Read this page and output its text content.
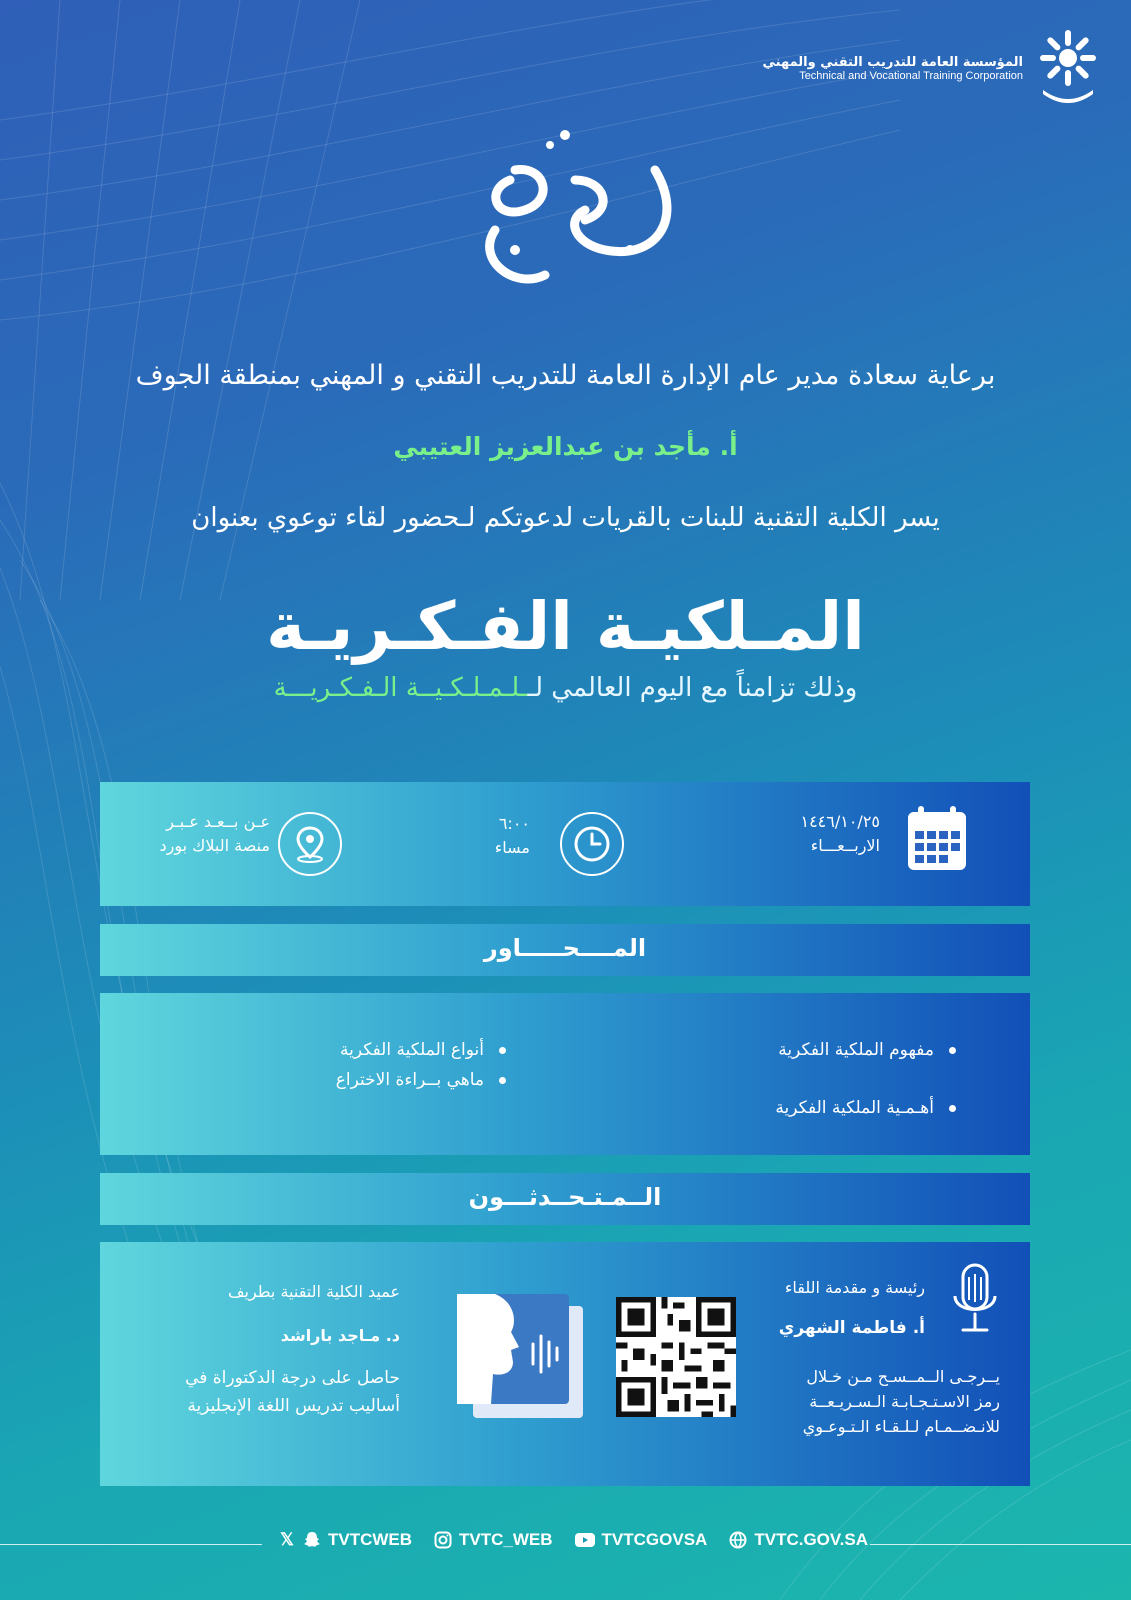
المؤسسة العامة للتدريب التقني والمهني
Technical and Vocational Training Corporation
برعاية سعادة مدير عام الإدارة العامة للتدريب التقني و المهني بمنطقة الجوف
أ. مأجد بن عبدالعزيز العتيبي
يسر الكلية التقنية للبنات بالقريات لدعوتكم لـحضور لقاء توعوي بعنوان
المـلكيـة الفـكـريـة
وذلك تزامناً مع اليوم العالمي لــلـمـلـكـيــة الـفـكـريـــة
١٤٤٦/١٠/٢٥
الاربــعـــاء
٦:٠٠
مساء
عـن بــعـد عـبـر
منصة البلاك بورد
المــــحـــــاور
مفهوم الملكية الفكرية
أهـمـية الملكية الفكرية
أنواع الملكية الفكرية
ماهي بــراءة الاختراع
الــمـتـحــدثـــون
رئيسة و مقدمة اللقاء
أ. فاطمة الشهري
يــرجـى الــمــسـح مـن خـلال
رمز الاسـتـجـابـة الـسـريـعــة
للانـضــمـام لـلـقـاء الـتـوعـوي
عميد الكلية التقنية بطريف
د. مـاجد باراشد
حاصل على درجة الدكتوراة في
أساليب تدريس اللغة الإنجليزية
𝕏 TVTCWEB	TVTC_WEB	TVTCGOVSA	TVTC.GOV.SA
